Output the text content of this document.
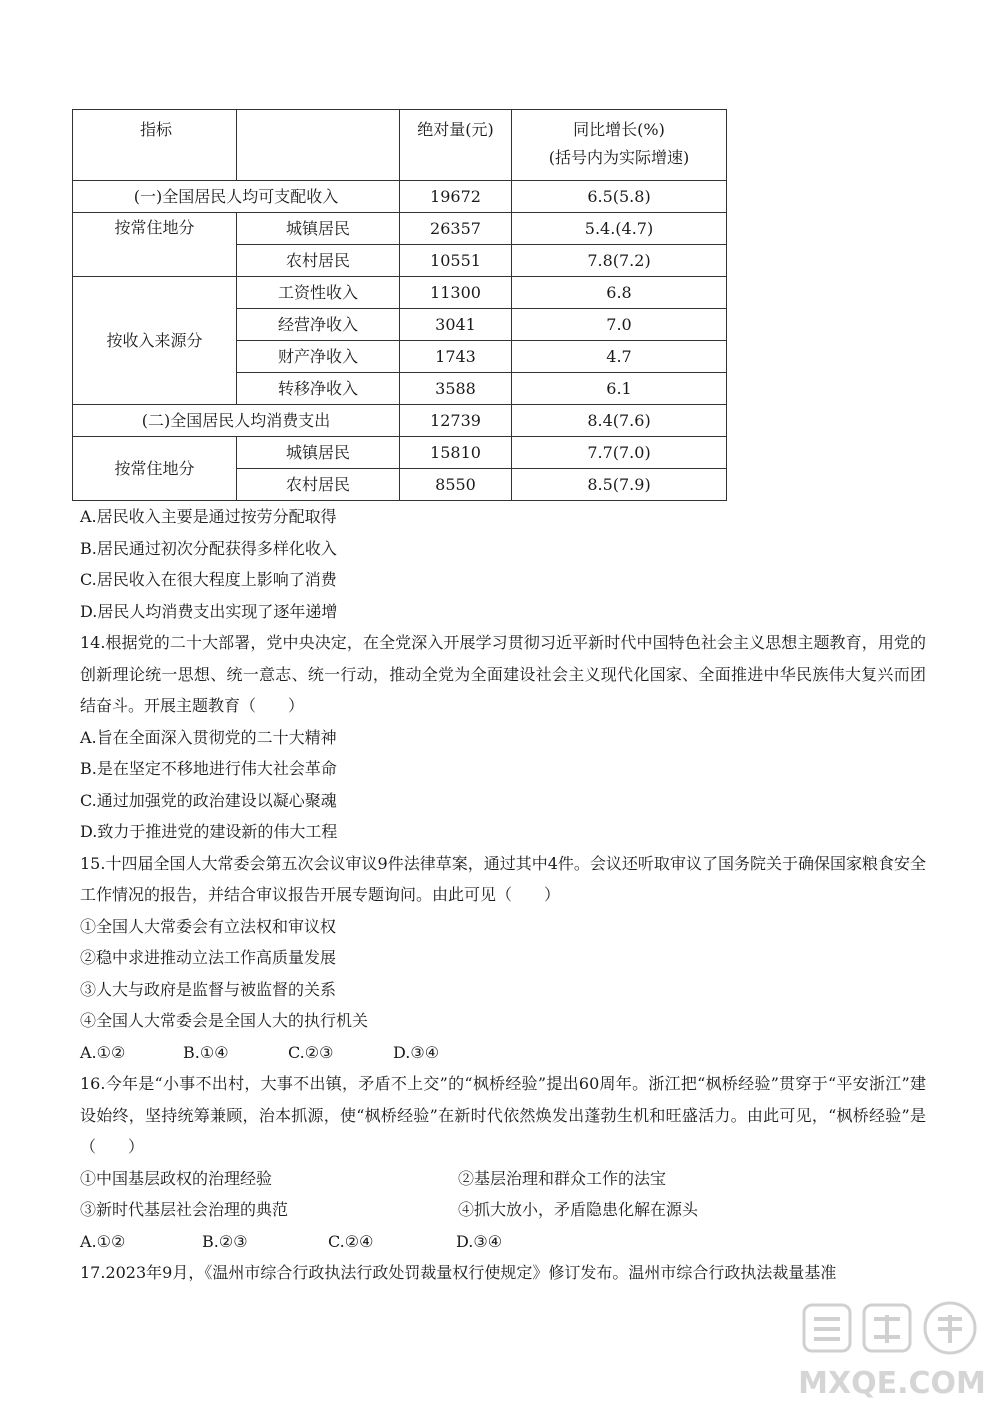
指标		绝对量(元)	同比增长(%)
(括号内为实际增速)

(一)全国居民人均可支配收入		19672	6.5(5.8)
按常住地分	城镇居民	26357	5.4.(4.7)
	农村居民	10551	7.8(7.2)
按收入来源分	工资性收入	11300	6.8
	经营净收入	3041	7.0
	财产净收入	1743	4.7
	转移净收入	3588	6.1
(二)全国居民人均消费支出		12739	8.4(7.6)
按常住地分	城镇居民	15810	7.7(7.0)
	农村居民	8550	8.5(7.9)
A.居民收入主要是通过按劳分配取得
B.居民通过初次分配获得多样化收入
C.居民收入在很大程度上影响了消费
D.居民人均消费支出实现了逐年递增
14.根据党的二十大部署，党中央决定，在全党深入开展学习贯彻习近平新时代中国特色社会主义思想主题教育，用党的创新理论统一思想、统一意志、统一行动，推动全党为全面建设社会主义现代化国家、全面推进中华民族伟大复兴而团结奋斗。开展主题教育（　　）
A.旨在全面深入贯彻党的二十大精神
B.是在坚定不移地进行伟大社会革命
C.通过加强党的政治建设以凝心聚魂
D.致力于推进党的建设新的伟大工程
15.十四届全国人大常委会第五次会议审议9件法律草案，通过其中4件。会议还听取审议了国务院关于确保国家粮食安全工作情况的报告，并结合审议报告开展专题询问。由此可见（　　）
①全国人大常委会有立法权和审议权
②稳中求进推动立法工作高质量发展
③人大与政府是监督与被监督的关系
④全国人大常委会是全国人大的执行机关
A.①②	B.①④	C.②③	D.③④
16.今年是“小事不出村，大事不出镇，矛盾不上交”的“枫桥经验”提出60周年。浙江把“枫桥经验”贯穿于“平安浙江”建设始终，坚持统筹兼顾，治本抓源，使“枫桥经验”在新时代依然焕发出蓬勃生机和旺盛活力。由此可见，“枫桥经验”是（　　）
①中国基层政权的治理经验	②基层治理和群众工作的法宝
③新时代基层社会治理的典范	④抓大放小，矛盾隐患化解在源头
A.①②	B.②③	C.②④	D.③④
17.2023年9月，《温州市综合行政执法行政处罚裁量权行使规定》修订发布。温州市综合行政执法裁量基准
MXQE.COM
